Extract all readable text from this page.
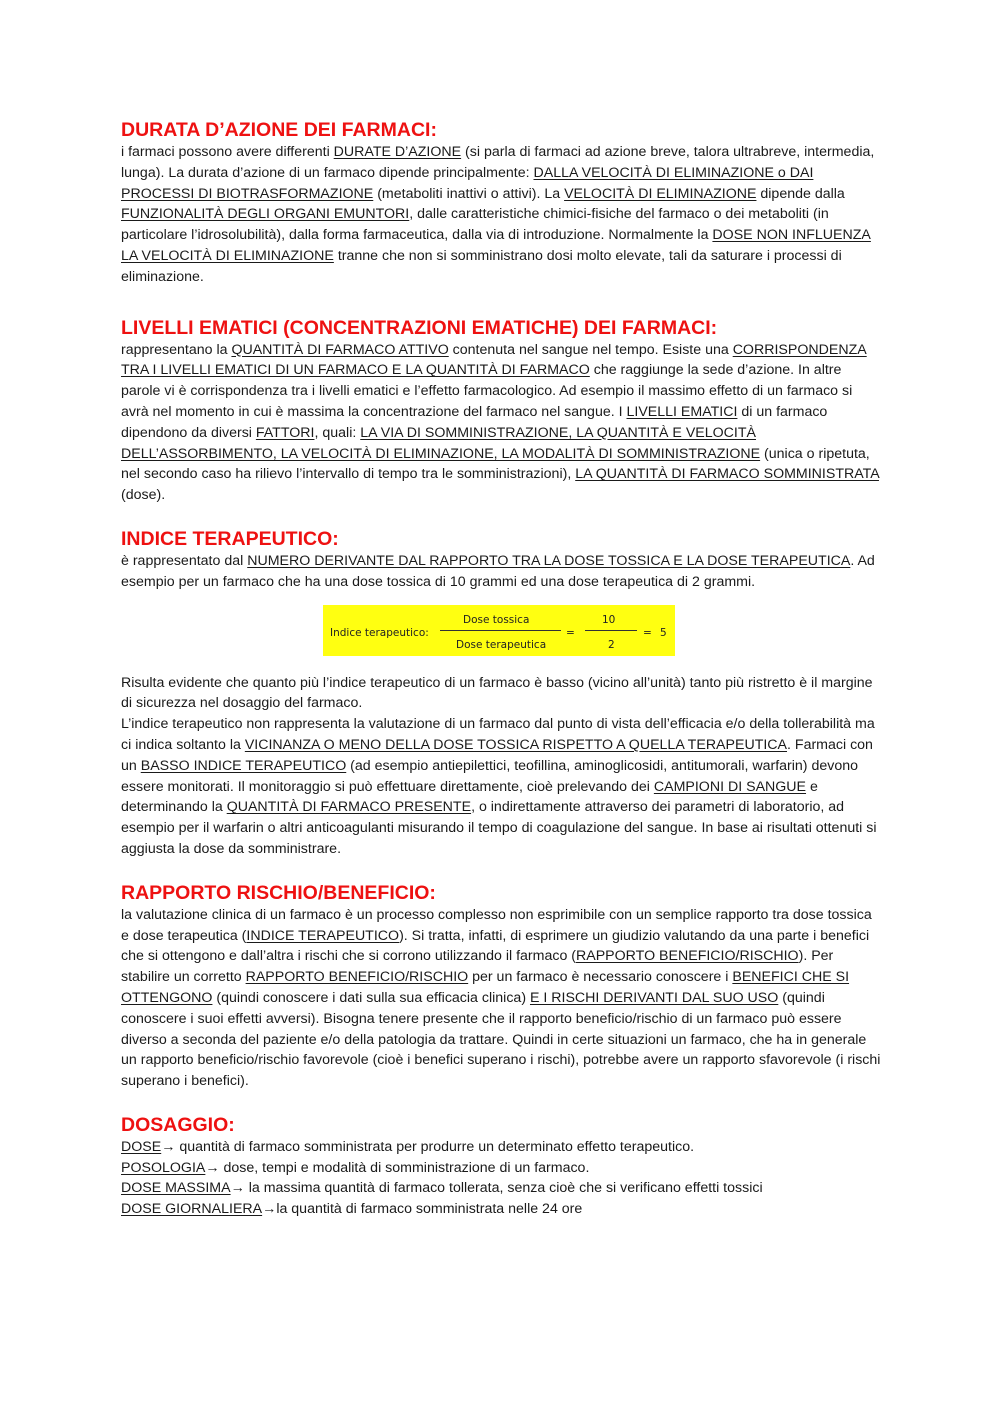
DURATA D’AZIONE DEI FARMACI:

i farmaci possono avere differenti DURATE D’AZIONE (si parla di farmaci ad azione breve, talora ultrabreve, intermedia, lunga). La durata d’azione di un farmaco dipende principalmente: DALLA VELOCITÀ DI ELIMINAZIONE o DAI PROCESSI DI BIOTRASFORMAZIONE (metaboliti inattivi o attivi). La VELOCITÀ DI ELIMINAZIONE dipende dalla FUNZIONALITÀ DEGLI ORGANI EMUNTORI, dalle caratteristiche chimici-fisiche del farmaco o dei metaboliti (in particolare l’idrosolubilità), dalla forma farmaceutica, dalla via di introduzione. Normalmente la DOSE NON INFLUENZA LA VELOCITÀ DI ELIMINAZIONE tranne che non si somministrano dosi molto elevate, tali da saturare i processi di eliminazione.

LIVELLI EMATICI (CONCENTRAZIONI EMATICHE) DEI FARMACI:

rappresentano la QUANTITÀ DI FARMACO ATTIVO contenuta nel sangue nel tempo. Esiste una CORRISPONDENZA TRA I LIVELLI EMATICI DI UN FARMACO E LA QUANTITÀ DI FARMACO che raggiunge la sede d’azione. In altre parole vi è corrispondenza tra i livelli ematici e l’effetto farmacologico. Ad esempio il massimo effetto di un farmaco si avrà nel momento in cui è massima la concentrazione del farmaco nel sangue. I LIVELLI EMATICI di un farmaco dipendono da diversi FATTORI, quali: LA VIA DI SOMMINISTRAZIONE, LA QUANTITÀ E VELOCITÀ DELL’ASSORBIMENTO, LA VELOCITÀ DI ELIMINAZIONE, LA MODALITÀ DI SOMMINISTRAZIONE (unica o ripetuta, nel secondo caso ha rilievo l’intervallo di tempo tra le somministrazioni), LA QUANTITÀ DI FARMACO SOMMINISTRATA (dose).

INDICE TERAPEUTICO:

è rappresentato dal NUMERO DERIVANTE DAL RAPPORTO TRA LA DOSE TOSSICA E LA DOSE TERAPEUTICA. Ad esempio per un farmaco che ha una dose tossica di 10 grammi ed una dose terapeutica di 2 grammi.

Indice terapeutico:
Dose tossica
Dose terapeutica
=
10
2
= 5

Risulta evidente che quanto più l’indice terapeutico di un farmaco è basso (vicino all’unità) tanto più ristretto è il margine di sicurezza nel dosaggio del farmaco.

L’indice terapeutico non rappresenta la valutazione di un farmaco dal punto di vista dell’efficacia e/o della tollerabilità ma ci indica soltanto la VICINANZA O MENO DELLA DOSE TOSSICA RISPETTO A QUELLA TERAPEUTICA. Farmaci con un BASSO INDICE TERAPEUTICO (ad esempio antiepilettici, teofillina, aminoglicosidi, antitumorali, warfarin) devono essere monitorati. Il monitoraggio si può effettuare direttamente, cioè prelevando dei CAMPIONI DI SANGUE e determinando la QUANTITÀ DI FARMACO PRESENTE, o indirettamente attraverso dei parametri di laboratorio, ad esempio per il warfarin o altri anticoagulanti misurando il tempo di coagulazione del sangue. In base ai risultati ottenuti si aggiusta la dose da somministrare.

RAPPORTO RISCHIO/BENEFICIO:

la valutazione clinica di un farmaco è un processo complesso non esprimibile con un semplice rapporto tra dose tossica e dose terapeutica (INDICE TERAPEUTICO). Si tratta, infatti, di esprimere un giudizio valutando da una parte i benefici che si ottengono e dall’altra i rischi che si corrono utilizzando il farmaco (RAPPORTO BENEFICIO/RISCHIO). Per stabilire un corretto RAPPORTO BENEFICIO/RISCHIO per un farmaco è necessario conoscere i BENEFICI CHE SI OTTENGONO (quindi conoscere i dati sulla sua efficacia clinica) E I RISCHI DERIVANTI DAL SUO USO (quindi conoscere i suoi effetti avversi). Bisogna tenere presente che il rapporto beneficio/rischio di un farmaco può essere diverso a seconda del paziente e/o della patologia da trattare. Quindi in certe situazioni un farmaco, che ha in generale un rapporto beneficio/rischio favorevole (cioè i benefici superano i rischi), potrebbe avere un rapporto sfavorevole (i rischi superano i benefici).

DOSAGGIO:

DOSE→ quantità di farmaco somministrata per produrre un determinato effetto terapeutico.

POSOLOGIA→ dose, tempi e modalità di somministrazione di un farmaco.

DOSE MASSIMA→ la massima quantità di farmaco tollerata, senza cioè che si verificano effetti tossici

DOSE GIORNALIERA→la quantità di farmaco somministrata nelle 24 ore
